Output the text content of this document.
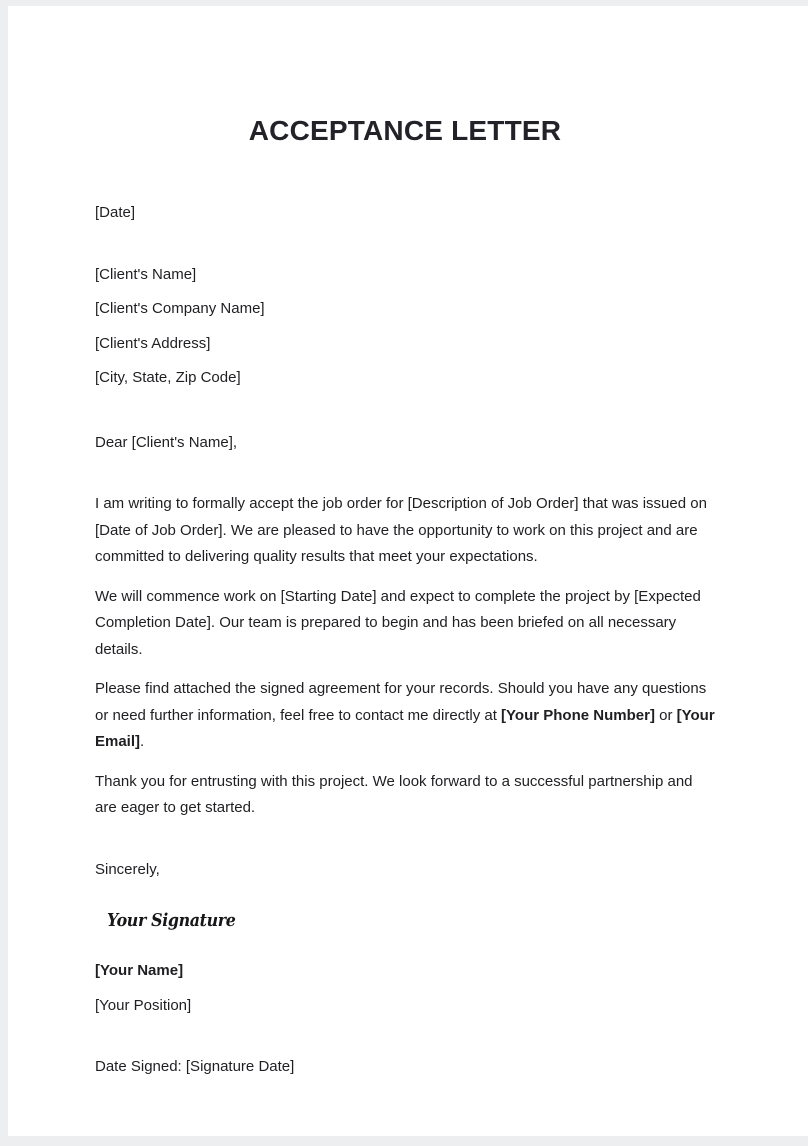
ACCEPTANCE LETTER
[Date]
[Client's Name]
[Client's Company Name]
[Client's Address]
[City, State, Zip Code]
Dear [Client's Name],

I am writing to formally accept the job order for [Description of Job Order] that was issued on [Date of Job Order]. We are pleased to have the opportunity to work on this project and are committed to delivering quality results that meet your expectations.

We will commence work on [Starting Date] and expect to complete the project by [Expected Completion Date]. Our team is prepared to begin and has been briefed on all necessary details.

Please find attached the signed agreement for your records. Should you have any questions or need further information, feel free to contact me directly at [Your Phone Number] or [Your Email].

Thank you for entrusting with this project. We look forward to a successful partnership and are eager to get started.

Sincerely,
Your Signature
[Your Name]
[Your Position]
Date Signed: [Signature Date]
